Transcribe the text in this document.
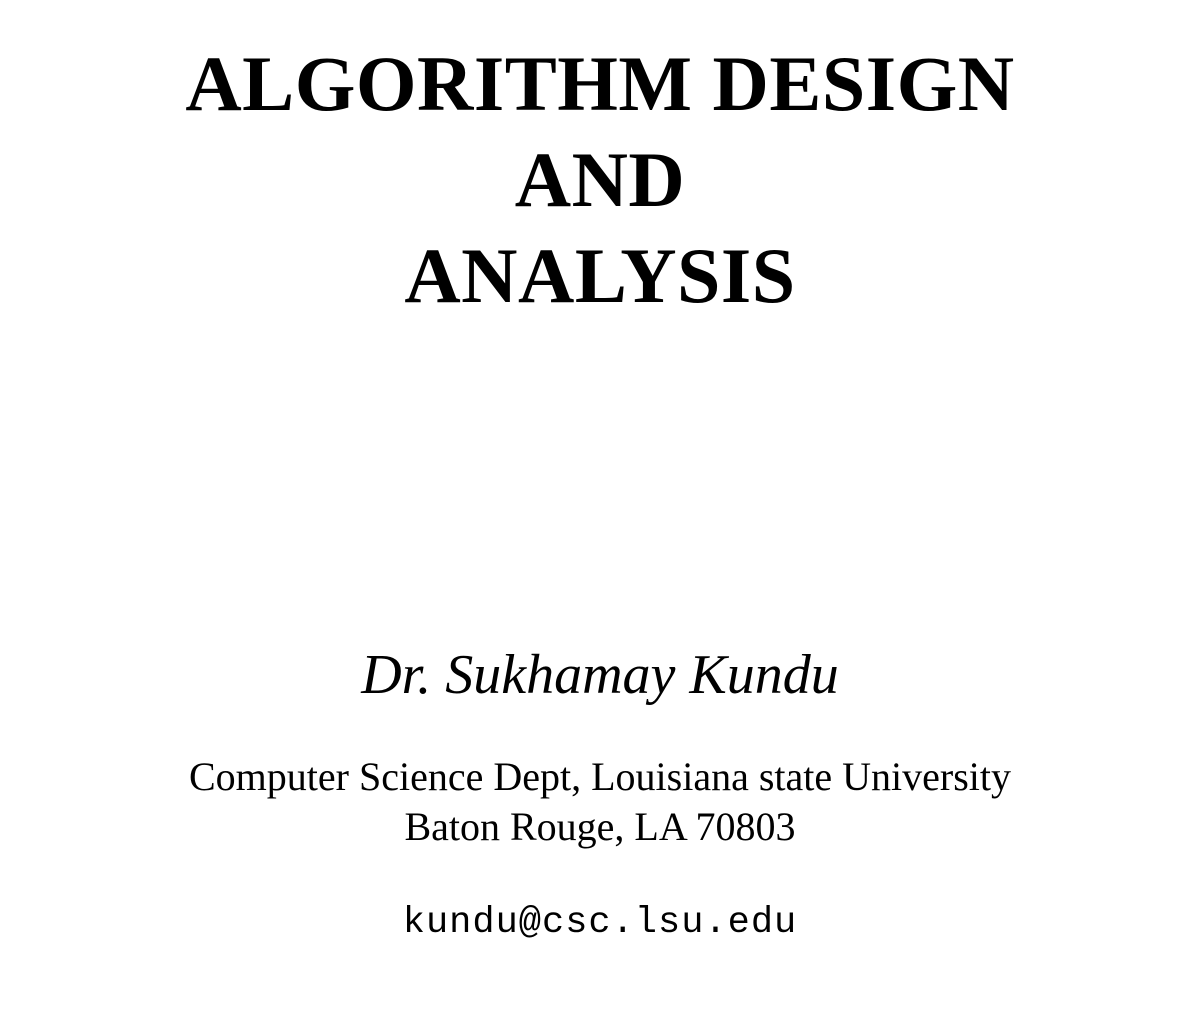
ALGORITHM DESIGN
AND
ANALYSIS
Dr. Sukhamay Kundu
Computer Science Dept, Louisiana state University
Baton Rouge, LA 70803
kundu@csc.lsu.edu
